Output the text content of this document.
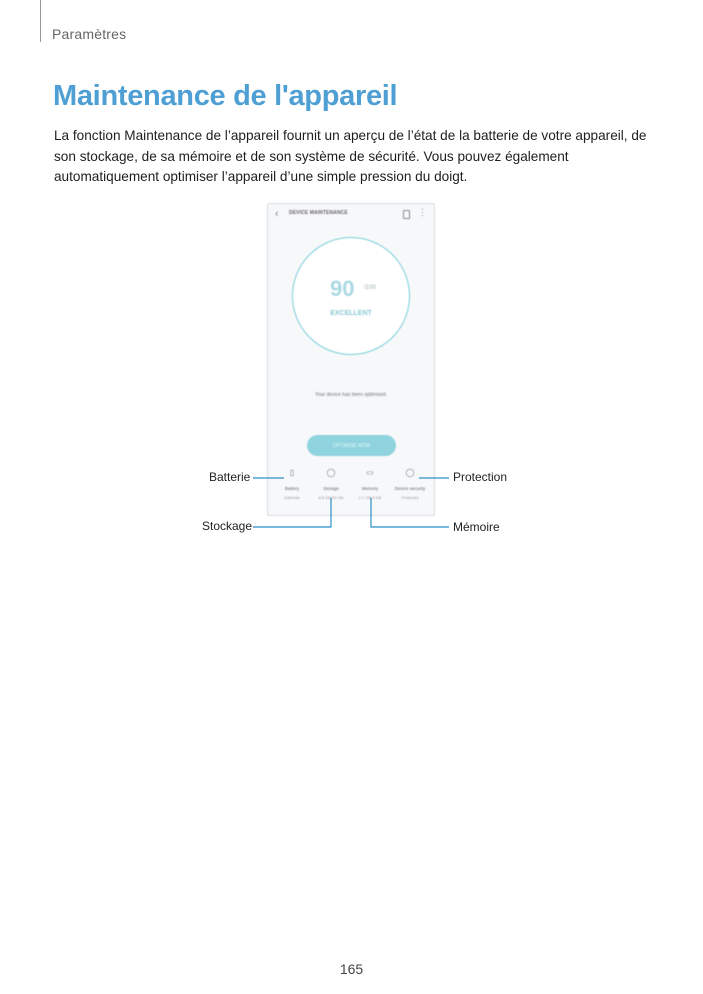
Paramètres
Maintenance de l'appareil

La fonction Maintenance de l’appareil fournit un aperçu de l’état de la batterie de votre appareil, de son stockage, de sa mémoire et de son système de sécurité. Vous pouvez également automatiquement optimiser l’appareil d’une simple pression du doigt.

‹ DEVICE MAINTENANCE	⋮
90 /100
EXCELLENT
Your device has been optimised.
OPTIMISE NOW
▯
Battery
Estimate
◯
Storage
8.8 GB/32 GB
▭
Memory
2.1 GB/3 GB
◯
Device security
Protected
Batterie	Protection
Stockage	Mémoire
165
